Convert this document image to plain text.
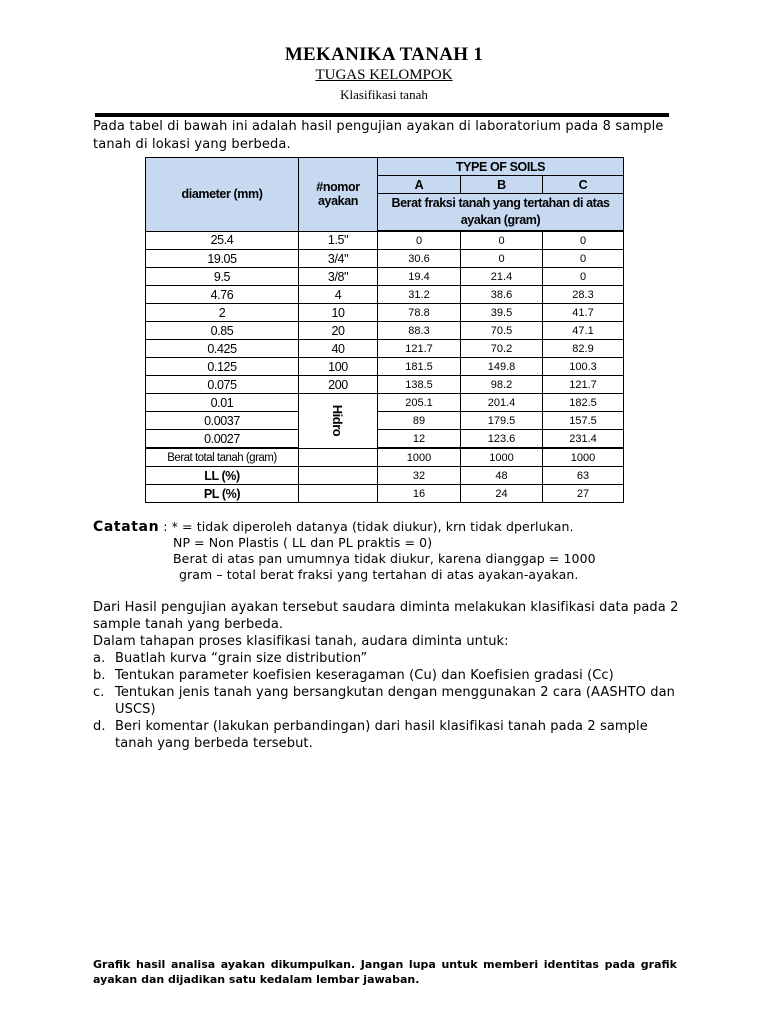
MEKANIKA TANAH 1
TUGAS KELOMPOK
Klasifikasi tanah
Pada tabel di bawah ini adalah hasil pengujian ayakan di laboratorium pada 8 sample tanah di lokasi yang berbeda.
diameter (mm)	#nomor ayakan	TYPE OF SOILS		
		A	B	C
		Berat fraksi tanah yang tertahan di atas ayakan (gram)		
25.4	1.5"	0	0	0
19.05	3/4"	30.6	0	0
9.5	3/8"	19.4	21.4	0
4.76	4	31.2	38.6	28.3
2	10	78.8	39.5	41.7
0.85	20	88.3	70.5	47.1
0.425	40	121.7	70.2	82.9
0.125	100	181.5	149.8	100.3
0.075	200	138.5	98.2	121.7
0.01	Hidro	205.1	201.4	182.5
0.0037		89	179.5	157.5
0.0027		12	123.6	231.4
Berat total tanah (gram)		1000	1000	1000
LL (%)		32	48	63
PL (%)		16	24	27
Catatan : * = tidak diperoleh datanya (tidak diukur), krn tidak dperlukan.
NP = Non Plastis ( LL dan PL praktis = 0)
Berat di atas pan umumnya tidak diukur, karena dianggap = 1000
gram – total berat fraksi yang tertahan di atas ayakan-ayakan.
Dari Hasil pengujian ayakan tersebut saudara diminta melakukan klasifikasi data pada 2 sample tanah yang berbeda.
Dalam tahapan proses klasifikasi tanah, audara diminta untuk:
a. Buatlah kurva “grain size distribution”
b. Tentukan parameter koefisien keseragaman (Cu) dan Koefisien gradasi (Cc)
c. Tentukan jenis tanah yang bersangkutan dengan menggunakan 2 cara (AASHTO dan USCS)
d. Beri komentar (lakukan perbandingan) dari hasil klasifikasi tanah pada 2 sample tanah yang berbeda tersebut.
Grafik hasil analisa ayakan dikumpulkan. Jangan lupa untuk memberi identitas pada grafik ayakan dan dijadikan satu kedalam lembar jawaban.
